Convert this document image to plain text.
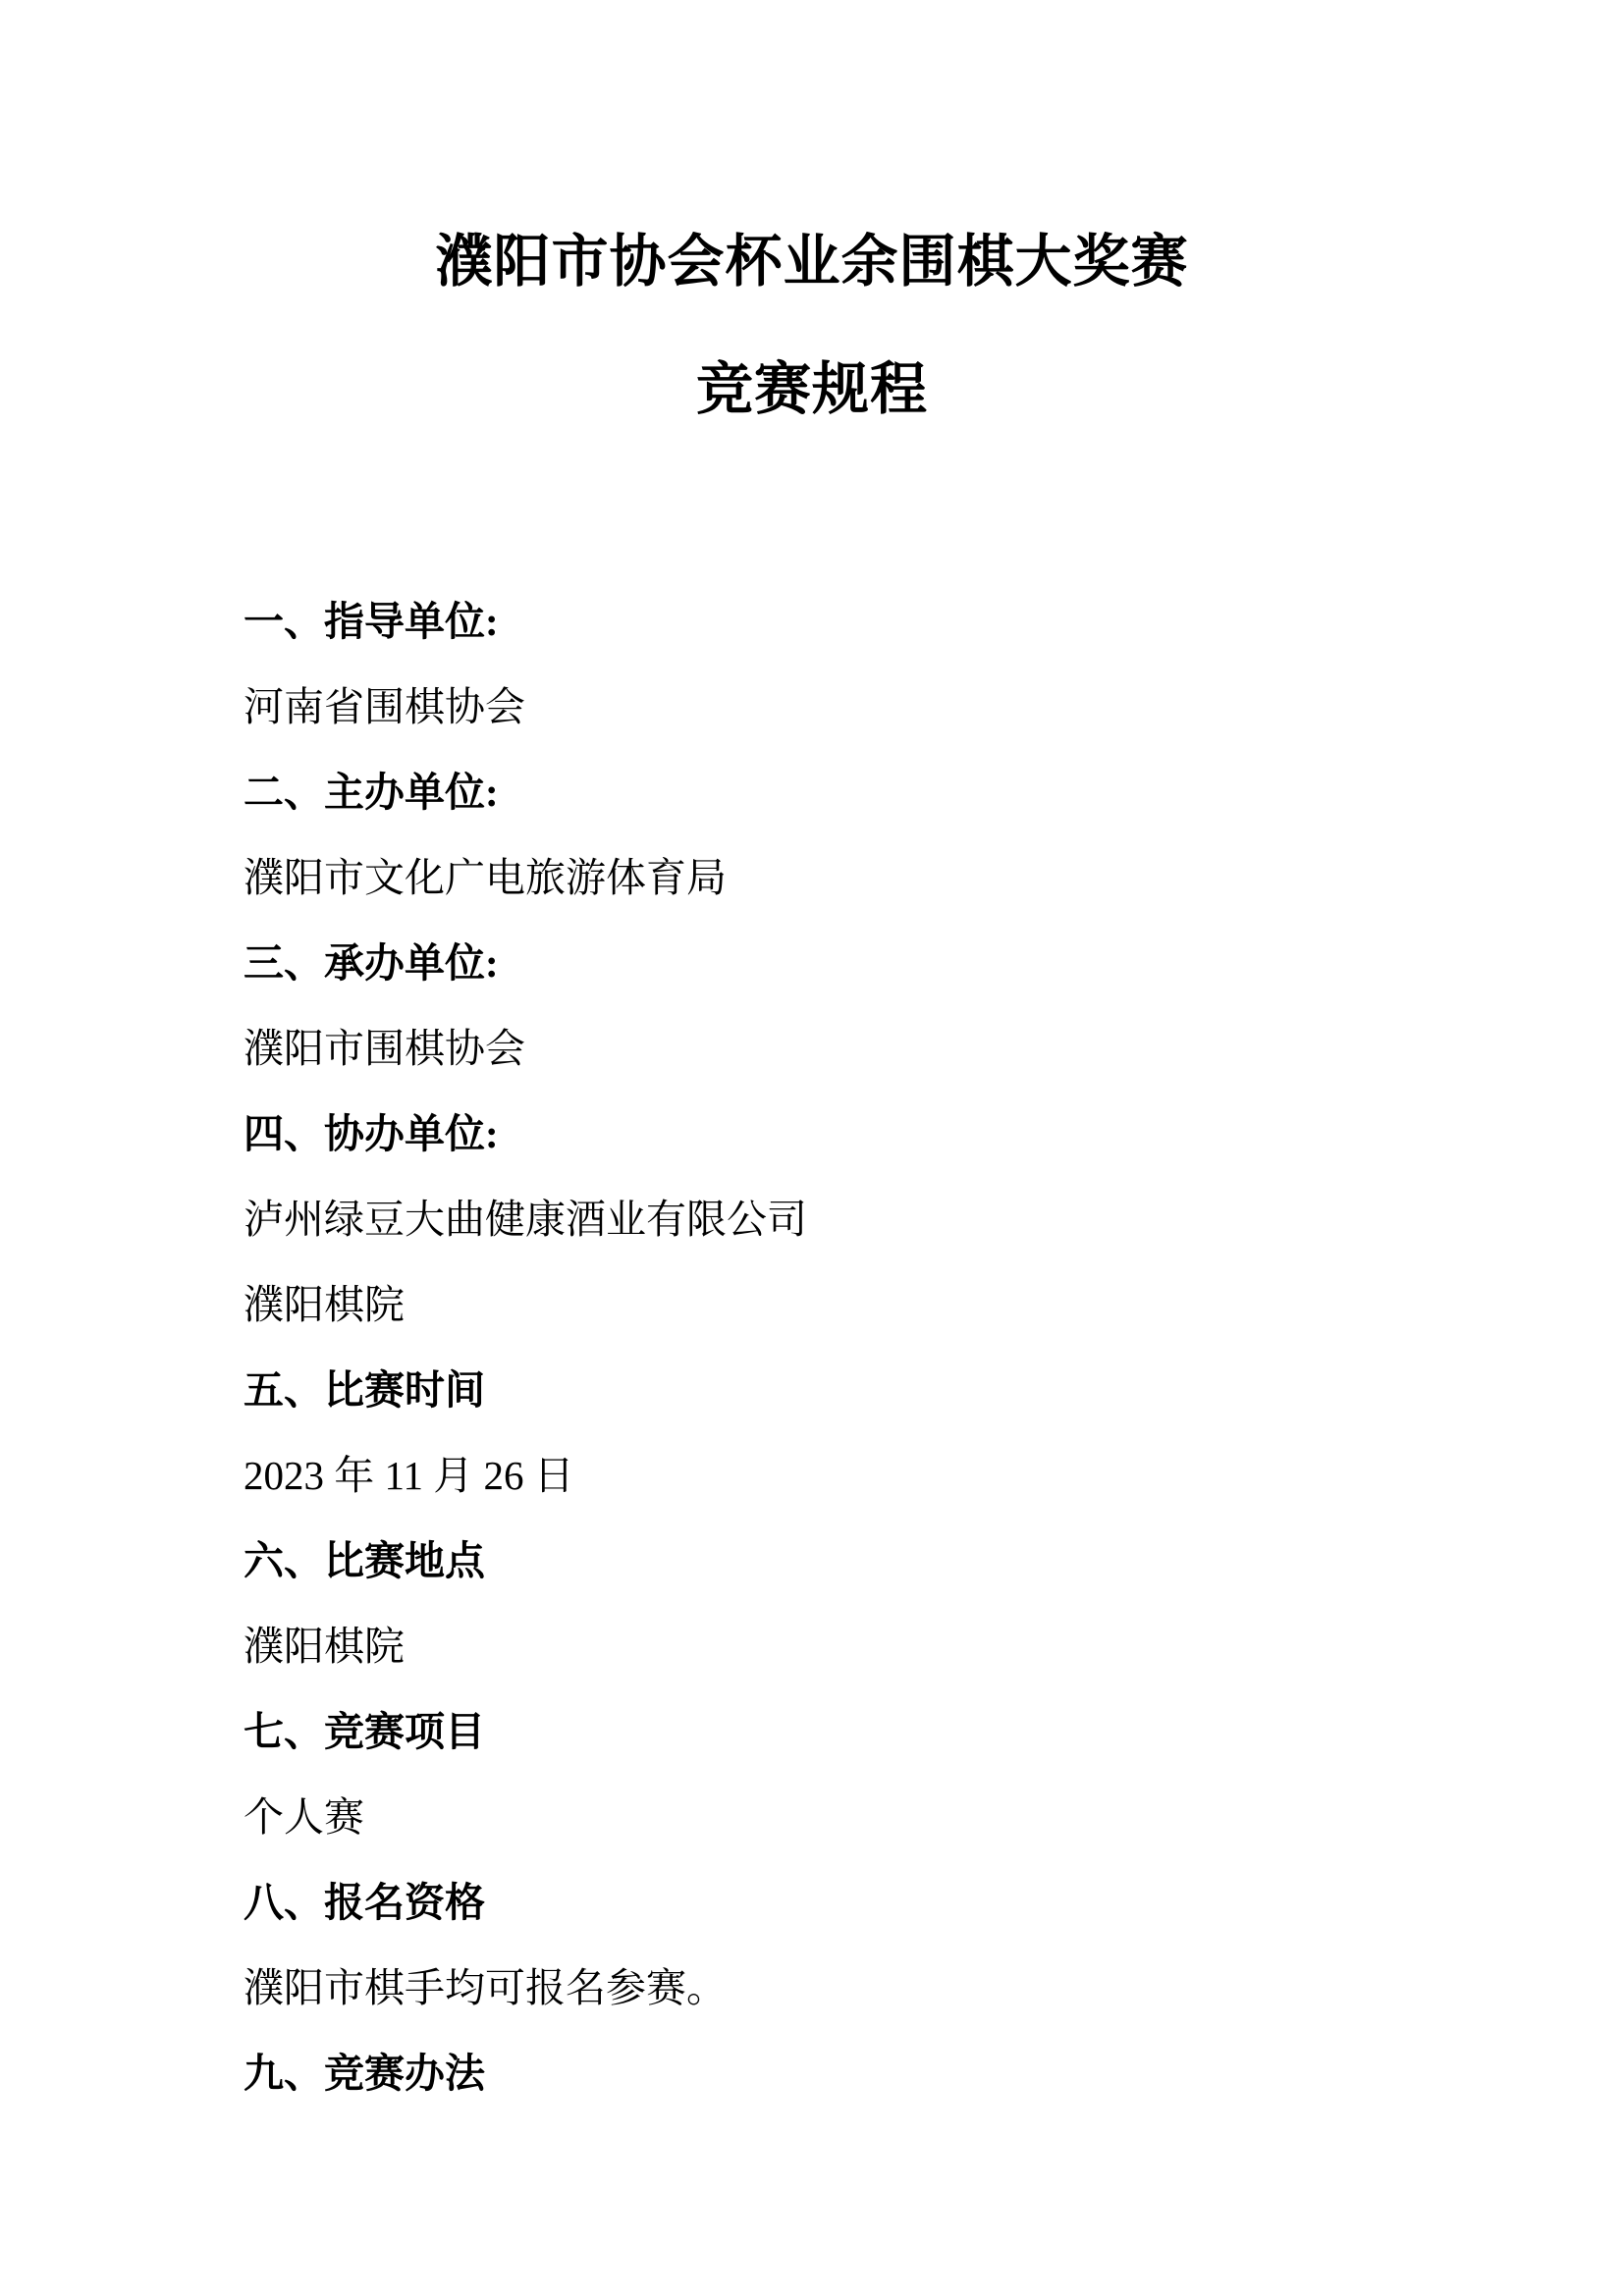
濮阳市协会杯业余围棋大奖赛
竞赛规程

一、指导单位:

河南省围棋协会

二、主办单位:

濮阳市文化广电旅游体育局

三、承办单位:

濮阳市围棋协会

四、协办单位:

泸州绿豆大曲健康酒业有限公司

濮阳棋院

五、比赛时间

2023 年 11 月 26 日

六、比赛地点

濮阳棋院

七、竞赛项目

个人赛

八、报名资格

濮阳市棋手均可报名参赛。

九、竞赛办法
